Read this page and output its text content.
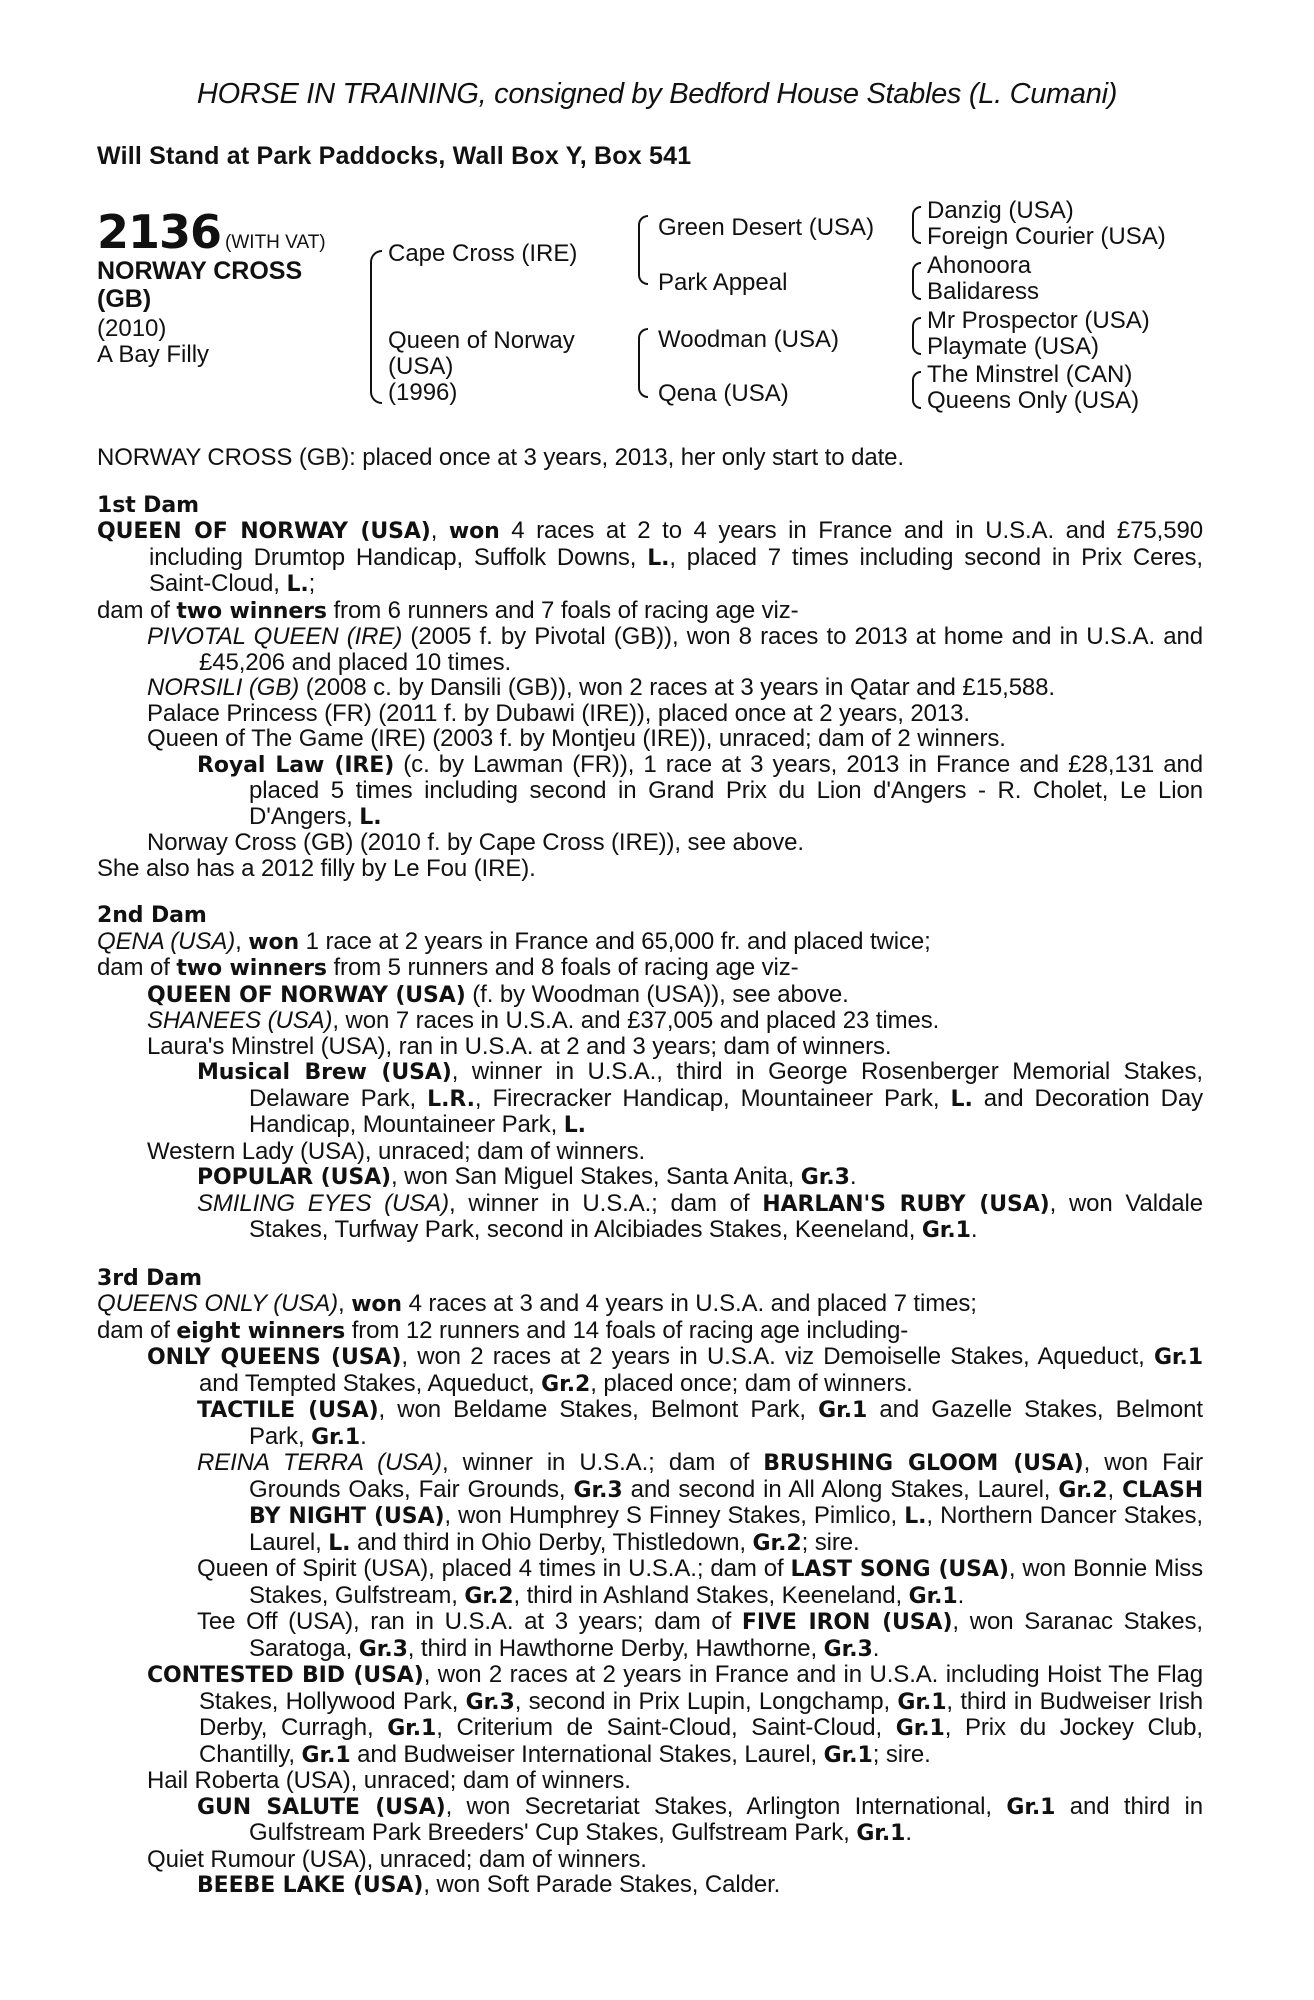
HORSE IN TRAINING, consigned by Bedford House Stables (L. Cumani)
Will Stand at Park Paddocks, Wall Box Y, Box 541
2136 (WITH VAT)
NORWAY CROSS
(GB)
(2010)
A Bay Filly
Cape Cross (IRE)
Queen of Norway
(USA)
(1996)
Green Desert (USA)
Park Appeal
Woodman (USA)
Qena (USA)
Danzig (USA)
Foreign Courier (USA)
Ahonoora
Balidaress
Mr Prospector (USA)
Playmate (USA)
The Minstrel (CAN)
Queens Only (USA)

NORWAY CROSS (GB): placed once at 3 years, 2013, her only start to date.

1st Dam

QUEEN OF NORWAY (USA), won 4 races at 2 to 4 years in France and in U.S.A. and £75,590 including Drumtop Handicap, Suffolk Downs, L., placed 7 times including second in Prix Ceres, Saint-Cloud, L.;

dam of two winners from 6 runners and 7 foals of racing age viz-

PIVOTAL QUEEN (IRE) (2005 f. by Pivotal (GB)), won 8 races to 2013 at home and in U.S.A. and £45,206 and placed 10 times.

NORSILI (GB) (2008 c. by Dansili (GB)), won 2 races at 3 years in Qatar and £15,588.

Palace Princess (FR) (2011 f. by Dubawi (IRE)), placed once at 2 years, 2013.

Queen of The Game (IRE) (2003 f. by Montjeu (IRE)), unraced; dam of 2 winners.

Royal Law (IRE) (c. by Lawman (FR)), 1 race at 3 years, 2013 in France and £28,131 and placed 5 times including second in Grand Prix du Lion d'Angers - R. Cholet, Le Lion D'Angers, L.

Norway Cross (GB) (2010 f. by Cape Cross (IRE)), see above.

She also has a 2012 filly by Le Fou (IRE).

2nd Dam

QENA (USA), won 1 race at 2 years in France and 65,000 fr. and placed twice;

dam of two winners from 5 runners and 8 foals of racing age viz-

QUEEN OF NORWAY (USA) (f. by Woodman (USA)), see above.

SHANEES (USA), won 7 races in U.S.A. and £37,005 and placed 23 times.

Laura's Minstrel (USA), ran in U.S.A. at 2 and 3 years; dam of winners.

Musical Brew (USA), winner in U.S.A., third in George Rosenberger Memorial Stakes, Delaware Park, L.R., Firecracker Handicap, Mountaineer Park, L. and Decoration Day Handicap, Mountaineer Park, L.

Western Lady (USA), unraced; dam of winners.

POPULAR (USA), won San Miguel Stakes, Santa Anita, Gr.3.

SMILING EYES (USA), winner in U.S.A.; dam of HARLAN'S RUBY (USA), won Valdale Stakes, Turfway Park, second in Alcibiades Stakes, Keeneland, Gr.1.

3rd Dam

QUEENS ONLY (USA), won 4 races at 3 and 4 years in U.S.A. and placed 7 times;

dam of eight winners from 12 runners and 14 foals of racing age including-

ONLY QUEENS (USA), won 2 races at 2 years in U.S.A. viz Demoiselle Stakes, Aqueduct, Gr.1 and Tempted Stakes, Aqueduct, Gr.2, placed once; dam of winners.

TACTILE (USA), won Beldame Stakes, Belmont Park, Gr.1 and Gazelle Stakes, Belmont Park, Gr.1.

REINA TERRA (USA), winner in U.S.A.; dam of BRUSHING GLOOM (USA), won Fair Grounds Oaks, Fair Grounds, Gr.3 and second in All Along Stakes, Laurel, Gr.2, CLASH BY NIGHT (USA), won Humphrey S Finney Stakes, Pimlico, L., Northern Dancer Stakes, Laurel, L. and third in Ohio Derby, Thistledown, Gr.2; sire.

Queen of Spirit (USA), placed 4 times in U.S.A.; dam of LAST SONG (USA), won Bonnie Miss Stakes, Gulfstream, Gr.2, third in Ashland Stakes, Keeneland, Gr.1.

Tee Off (USA), ran in U.S.A. at 3 years; dam of FIVE IRON (USA), won Saranac Stakes, Saratoga, Gr.3, third in Hawthorne Derby, Hawthorne, Gr.3.

CONTESTED BID (USA), won 2 races at 2 years in France and in U.S.A. including Hoist The Flag Stakes, Hollywood Park, Gr.3, second in Prix Lupin, Longchamp, Gr.1, third in Budweiser Irish Derby, Curragh, Gr.1, Criterium de Saint-Cloud, Saint-Cloud, Gr.1, Prix du Jockey Club, Chantilly, Gr.1 and Budweiser International Stakes, Laurel, Gr.1; sire.

Hail Roberta (USA), unraced; dam of winners.

GUN SALUTE (USA), won Secretariat Stakes, Arlington International, Gr.1 and third in Gulfstream Park Breeders' Cup Stakes, Gulfstream Park, Gr.1.

Quiet Rumour (USA), unraced; dam of winners.

BEEBE LAKE (USA), won Soft Parade Stakes, Calder.
